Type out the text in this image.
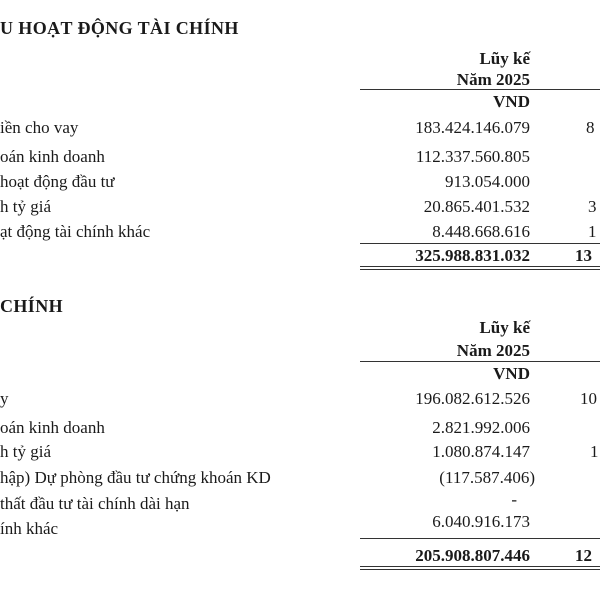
U HOẠT ĐỘNG TÀI CHÍNH
Lũy kế
Năm 2025
VND
iền cho vay	183.424.146.079	8
oán kinh doanh	112.337.560.805
hoạt động đầu tư	913.054.000
h tỷ giá	20.865.401.532	3
ạt động tài chính khác	8.448.668.616	1
325.988.831.032	13
CHÍNH
Lũy kế
Năm 2025
VND
y	196.082.612.526	10
oán kinh doanh	2.821.992.006
h tỷ giá	1.080.874.147	1
hập) Dự phòng đầu tư chứng khoán KD	(117.587.406)
thất đầu tư tài chính dài hạn	-
ính khác	6.040.916.173
205.908.807.446	12
